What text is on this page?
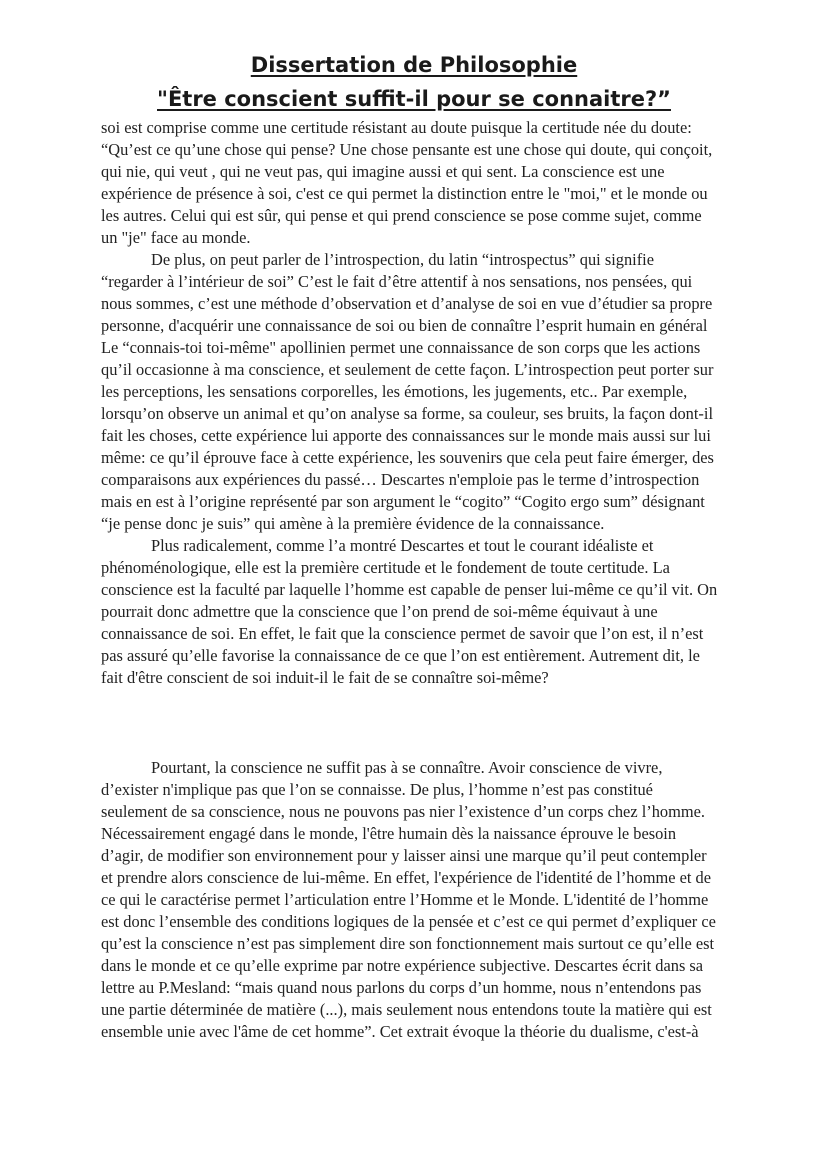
Dissertation de Philosophie
"Être conscient suffit-il pour se connaitre?”

soi est comprise comme une certitude résistant au doute puisque la certitude née du doute:

“Qu’est ce qu’une chose qui pense? Une chose pensante est une chose qui doute, qui conçoit,

qui nie, qui veut , qui ne veut pas, qui imagine aussi et qui sent. La conscience est une

expérience de présence à soi, c'est ce qui permet la distinction entre le "moi," et le monde ou

les autres. Celui qui est sûr, qui pense et qui prend conscience se pose comme sujet, comme

un "je" face au monde.

De plus, on peut parler de l’introspection, du latin “introspectus” qui signifie

“regarder à l’intérieur de soi” C’est le fait d’être attentif à nos sensations, nos pensées, qui

nous sommes, c’est une méthode d’observation et d’analyse de soi en vue d’étudier sa propre

personne, d'acquérir une connaissance de soi ou bien de connaître l’esprit humain en général

Le “connais-toi toi-même" apollinien permet une connaissance de son corps que les actions

qu’il occasionne à ma conscience, et seulement de cette façon. L’introspection peut porter sur

les perceptions, les sensations corporelles, les émotions, les jugements, etc.. Par exemple,

lorsqu’on observe un animal et qu’on analyse sa forme, sa couleur, ses bruits, la façon dont-il

fait les choses, cette expérience lui apporte des connaissances sur le monde mais aussi sur lui

même: ce qu’il éprouve face à cette expérience, les souvenirs que cela peut faire émerger, des

comparaisons aux expériences du passé… Descartes n'emploie pas le terme d’introspection

mais en est à l’origine représenté par son argument le “cogito” “Cogito ergo sum” désignant

“je pense donc je suis” qui amène à la première évidence de la connaissance.

Plus radicalement, comme l’a montré Descartes et tout le courant idéaliste et

phénoménologique, elle est la première certitude et le fondement de toute certitude. La

conscience est la faculté par laquelle l’homme est capable de penser lui-même ce qu’il vit. On

pourrait donc admettre que la conscience que l’on prend de soi-même équivaut à une

connaissance de soi. En effet, le fait que la conscience permet de savoir que l’on est, il n’est

pas assuré qu’elle favorise la connaissance de ce que l’on est entièrement. Autrement dit, le

fait d'être conscient de soi induit-il le fait de se connaître soi-même?

Pourtant, la conscience ne suffit pas à se connaître. Avoir conscience de vivre,

d’exister n'implique pas que l’on se connaisse. De plus, l’homme n’est pas constitué

seulement de sa conscience, nous ne pouvons pas nier l’existence d’un corps chez l’homme.

Nécessairement engagé dans le monde, l'être humain dès la naissance éprouve le besoin

d’agir, de modifier son environnement pour y laisser ainsi une marque qu’il peut contempler

et prendre alors conscience de lui-même. En effet, l'expérience de l'identité de l’homme et de

ce qui le caractérise permet l’articulation entre l’Homme et le Monde. L'identité de l’homme

est donc l’ensemble des conditions logiques de la pensée et c’est ce qui permet d’expliquer ce

qu’est la conscience n’est pas simplement dire son fonctionnement mais surtout ce qu’elle est

dans le monde et ce qu’elle exprime par notre expérience subjective. Descartes écrit dans sa

lettre au P.Mesland: “mais quand nous parlons du corps d’un homme, nous n’entendons pas

une partie déterminée de matière (...), mais seulement nous entendons toute la matière qui est

ensemble unie avec l'âme de cet homme”. Cet extrait évoque la théorie du dualisme, c'est-à
